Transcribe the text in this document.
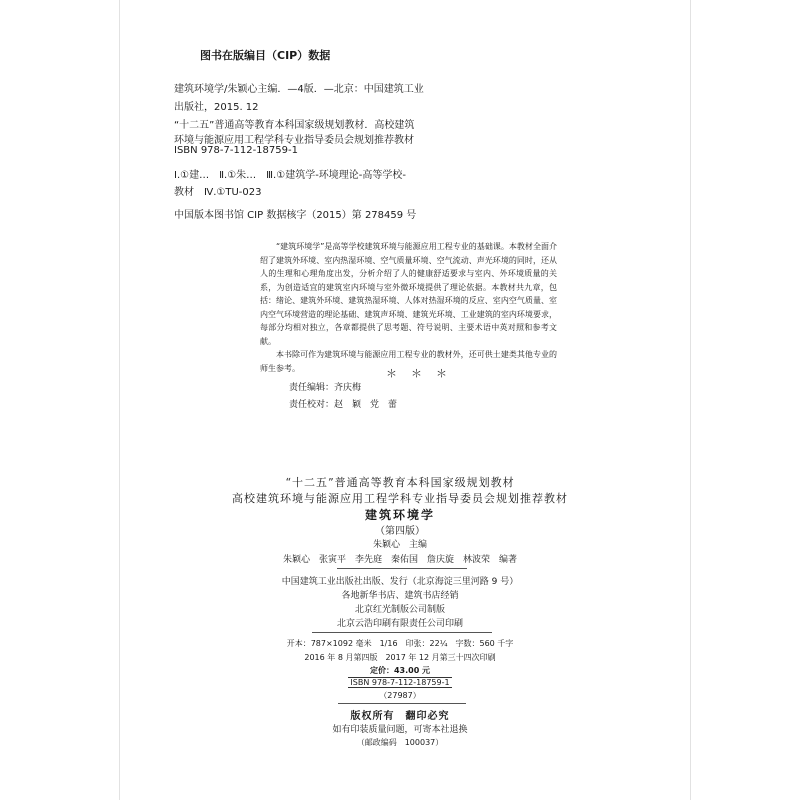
图书在版编目（CIP）数据
建筑环境学/朱颖心主编．—4版．—北京：中国建筑工业
出版社，2015. 12
“十二五”普通高等教育本科国家级规划教材．高校建筑
环境与能源应用工程学科专业指导委员会规划推荐教材
ISBN 978-7-112-18759-1
Ⅰ.①建…　Ⅱ.①朱…　Ⅲ.①建筑学-环境理论-高等学校-
教材　Ⅳ.①TU-023
中国版本图书馆 CIP 数据核字（2015）第 278459 号

“建筑环境学”是高等学校建筑环境与能源应用工程专业的基础课。本教材全面介绍了建筑外环境、室内热湿环境、空气质量环境、空气流动、声光环境的同时，还从人的生理和心理角度出发，分析介绍了人的健康舒适要求与室内、外环境质量的关系，为创造适宜的建筑室内环境与室外微环境提供了理论依据。本教材共九章，包括：绪论、建筑外环境、建筑热湿环境、人体对热湿环境的反应、室内空气质量、室内空气环境营造的理论基础、建筑声环境、建筑光环境、工业建筑的室内环境要求，每部分均相对独立，各章都提供了思考题、符号说明、主要术语中英对照和参考文献。

本书除可作为建筑环境与能源应用工程专业的教材外，还可供土建类其他专业的师生参考。	＊＊＊
责任编辑：齐庆梅
责任校对：赵　颖　党　蕾
“十二五”普通高等教育本科国家级规划教材
高校建筑环境与能源应用工程学科专业指导委员会规划推荐教材
建筑环境学
（第四版）
朱颖心　主编
朱颖心　张寅平　李先庭　秦佑国　詹庆旋　林波荣　编著
中国建筑工业出版社出版、发行（北京海淀三里河路 9 号）
各地新华书店、建筑书店经销
北京红光制版公司制版
北京云浩印刷有限责任公司印刷
开本：787×1092 毫米　1/16　印张：22¼　字数：560 千字
2016 年 8 月第四版　2017 年 12 月第三十四次印刷
定价：43.00 元
ISBN 978-7-112-18759-1
（27987）
版权所有　翻印必究
如有印装质量问题，可寄本社退换
（邮政编码　100037）
